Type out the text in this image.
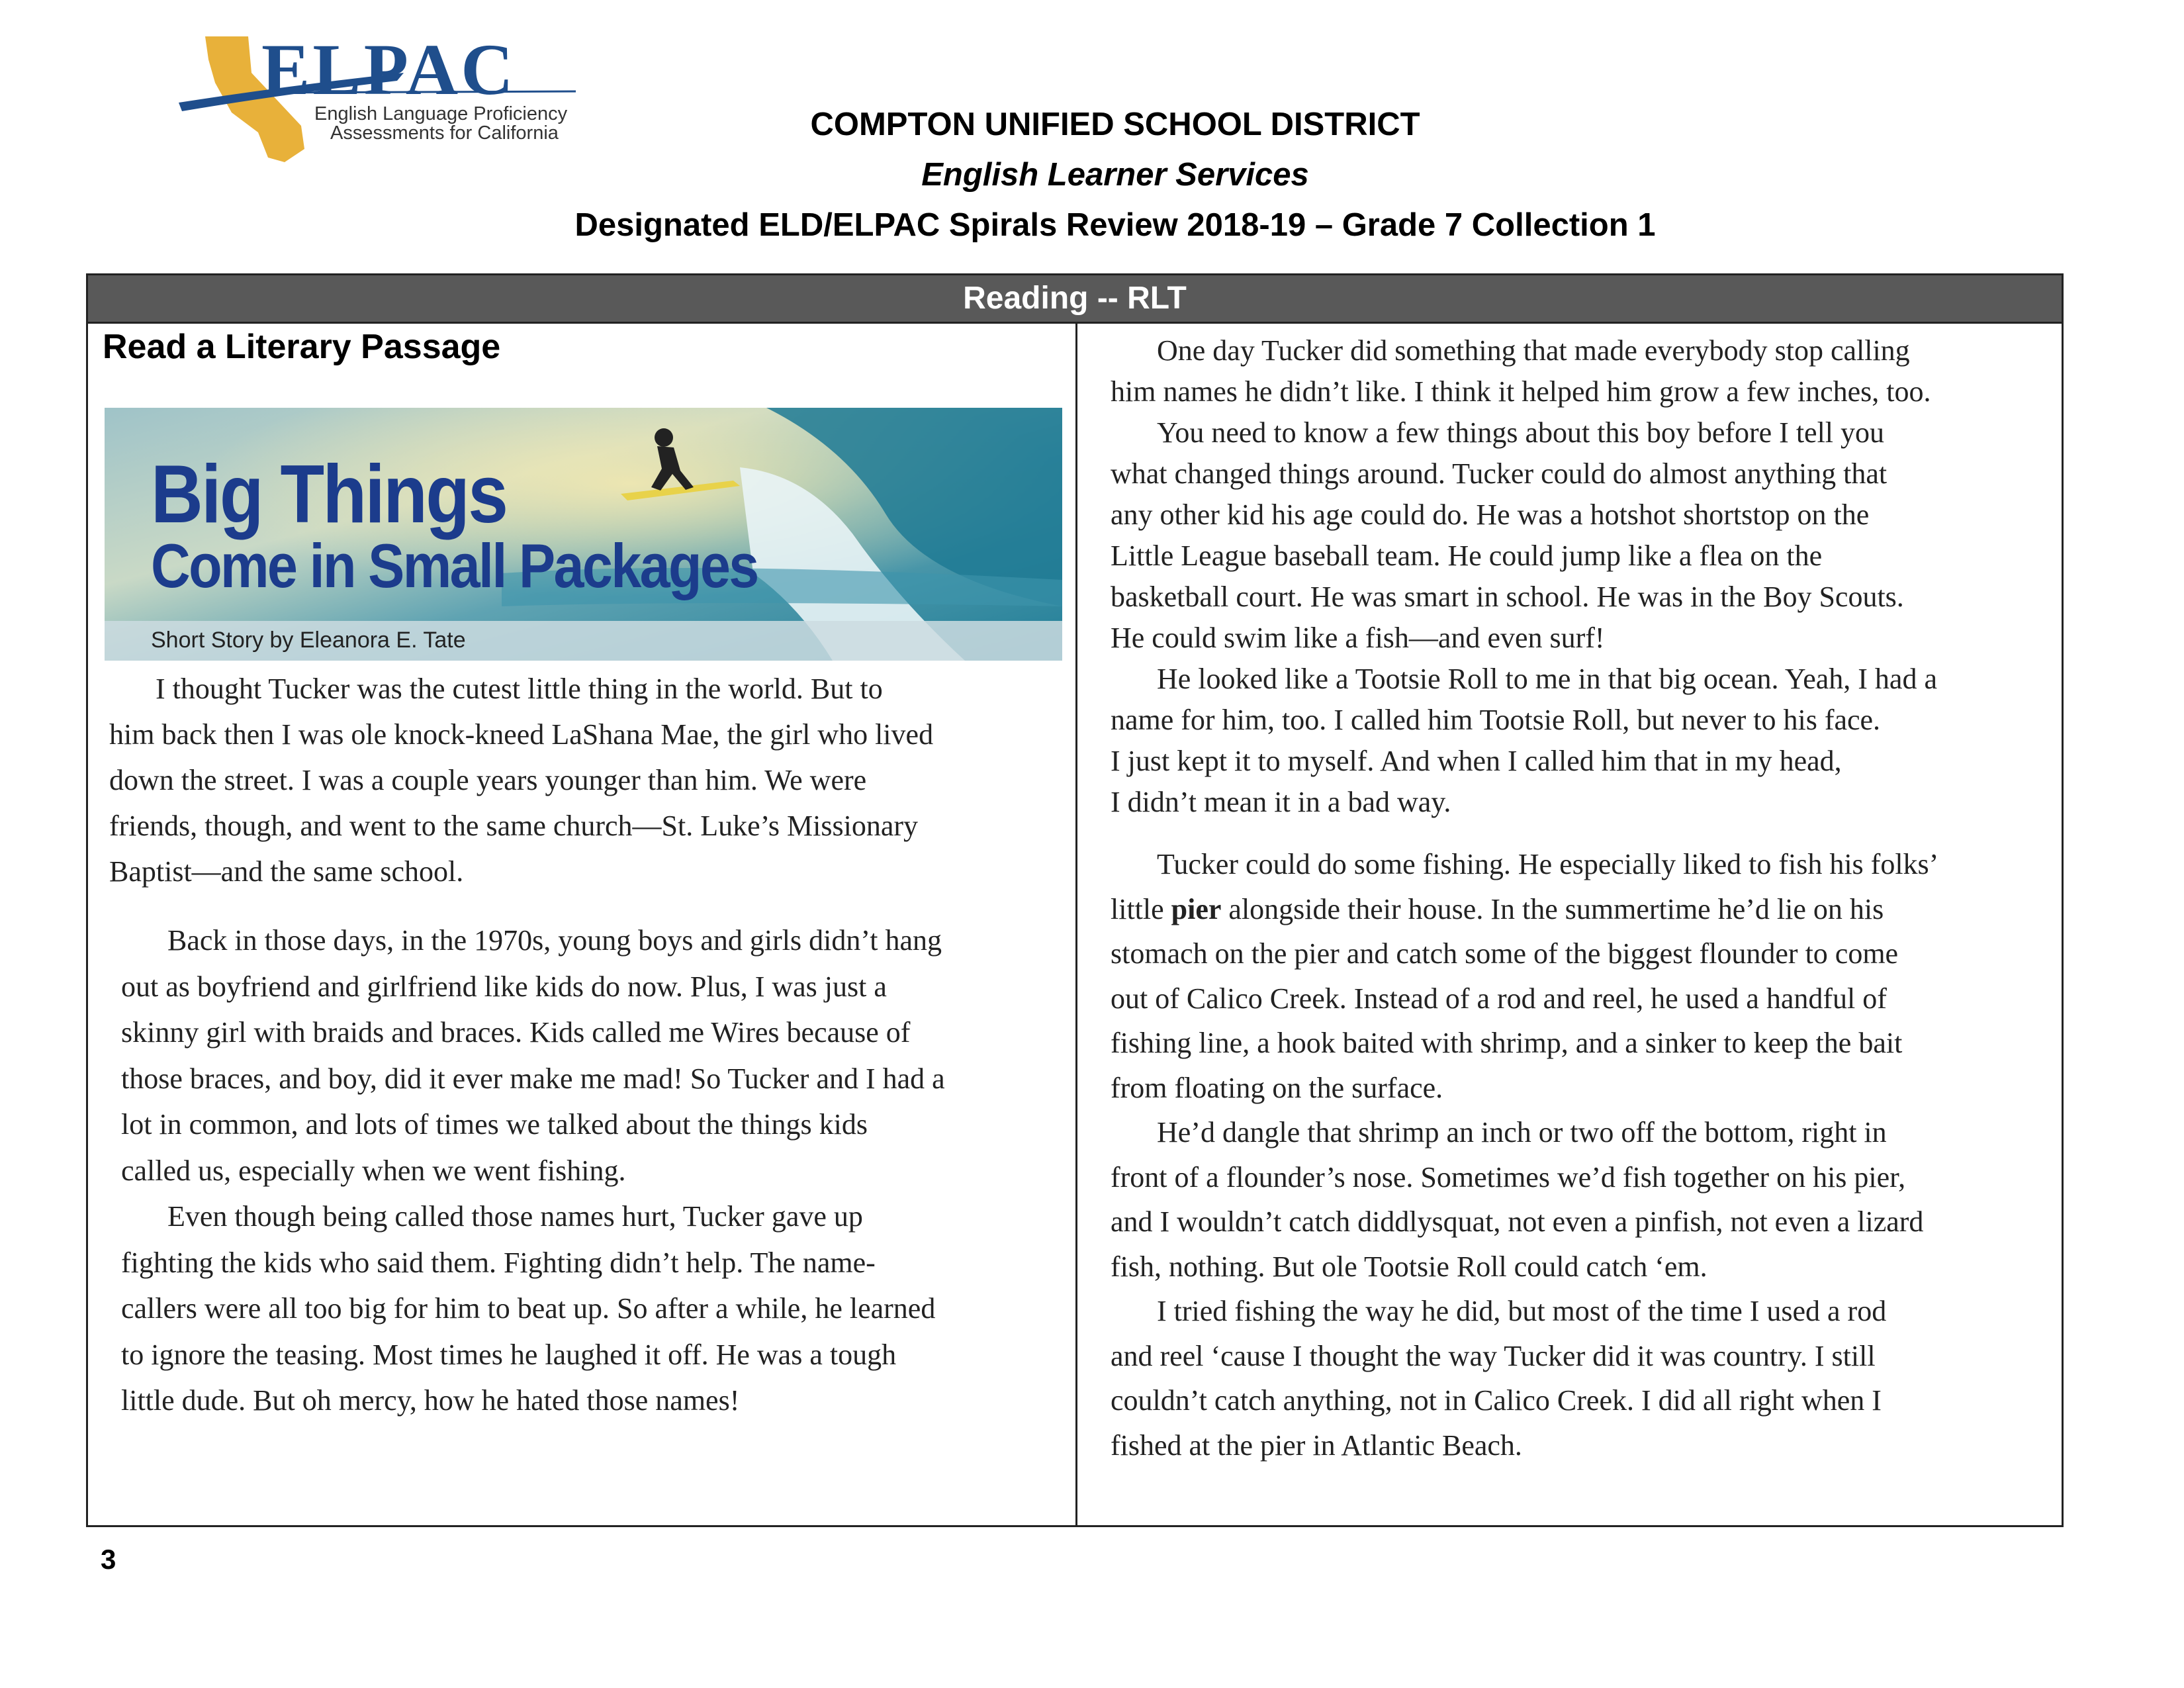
ELPAC
English Language Proficiency
Assessments for California	COMPTON UNIFIED SCHOOL DISTRICT
English Learner Services
Designated ELD/ELPAC Spirals Review 2018-19 – Grade 7 Collection 1
Reading -- RLT
Read a Literary Passage
Big Things
Come in Small Packages
Short Story by Eleanora E. Tate

I thought Tucker was the cutest little thing in the world. But to
him back then I was ole knock-kneed LaShana Mae, the girl who lived
down the street. I was a couple years younger than him. We were
friends, though, and went to the same church—St. Luke’s Missionary
Baptist—and the same school.

Back in those days, in the 1970s, young boys and girls didn’t hang
out as boyfriend and girlfriend like kids do now. Plus, I was just a
skinny girl with braids and braces. Kids called me Wires because of
those braces, and boy, did it ever make me mad! So Tucker and I had a
lot in common, and lots of times we talked about the things kids
called us, especially when we went fishing.

Even though being called those names hurt, Tucker gave up
fighting the kids who said them. Fighting didn’t help. The name-
callers were all too big for him to beat up. So after a while, he learned
to ignore the teasing. Most times he laughed it off. He was a tough
little dude. But oh mercy, how he hated those names!

One day Tucker did something that made everybody stop calling
him names he didn’t like. I think it helped him grow a few inches, too.

You need to know a few things about this boy before I tell you
what changed things around. Tucker could do almost anything that
any other kid his age could do. He was a hotshot shortstop on the
Little League baseball team. He could jump like a flea on the
basketball court. He was smart in school. He was in the Boy Scouts.
He could swim like a fish—and even surf!

He looked like a Tootsie Roll to me in that big ocean. Yeah, I had a
name for him, too. I called him Tootsie Roll, but never to his face.
I just kept it to myself. And when I called him that in my head,
I didn’t mean it in a bad way.

Tucker could do some fishing. He especially liked to fish his folks’
little pier alongside their house. In the summertime he’d lie on his
stomach on the pier and catch some of the biggest flounder to come
out of Calico Creek. Instead of a rod and reel, he used a handful of
fishing line, a hook baited with shrimp, and a sinker to keep the bait
from floating on the surface.

He’d dangle that shrimp an inch or two off the bottom, right in
front of a flounder’s nose. Sometimes we’d fish together on his pier,
and I wouldn’t catch diddlysquat, not even a pinfish, not even a lizard
fish, nothing. But ole Tootsie Roll could catch ‘em.

I tried fishing the way he did, but most of the time I used a rod
and reel ‘cause I thought the way Tucker did it was country. I still
couldn’t catch anything, not in Calico Creek. I did all right when I
fished at the pier in Atlantic Beach.

3
